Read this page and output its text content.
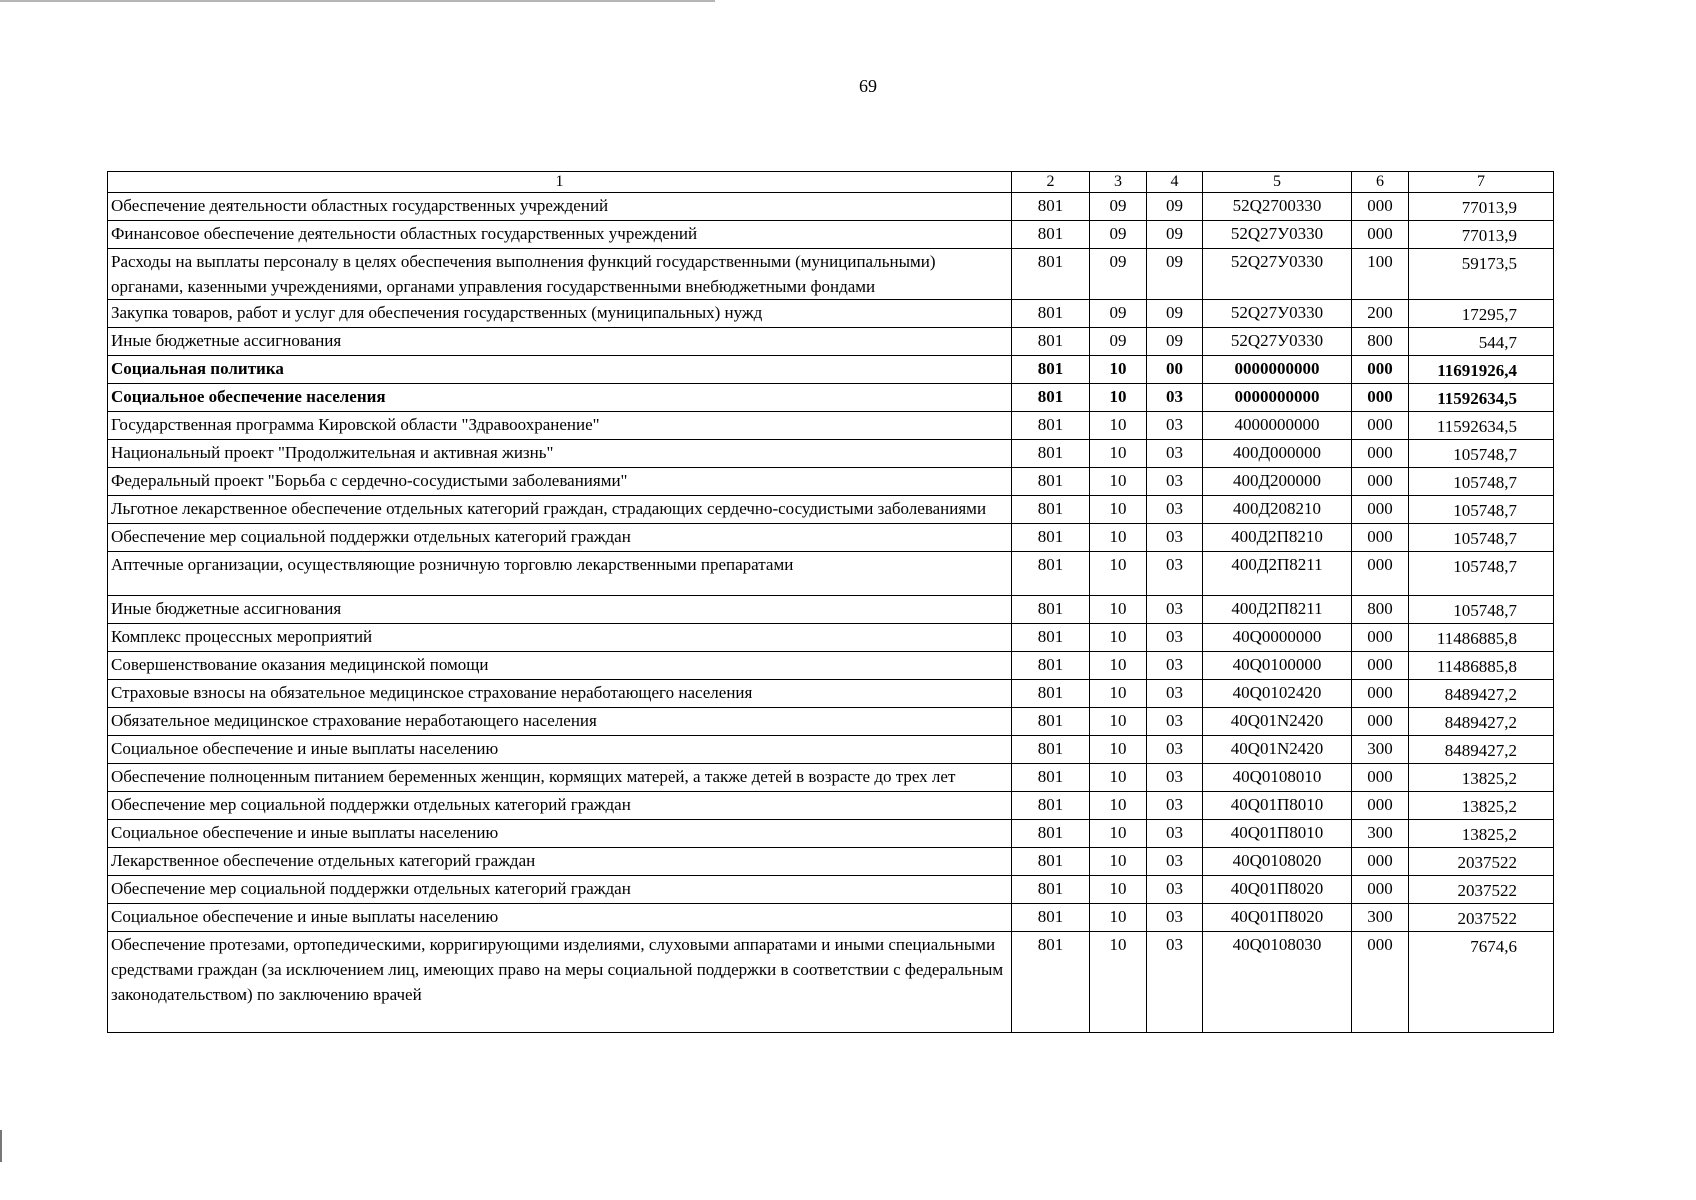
69
1	2	3	4	5	6	7
Обеспечение деятельности областных государственных учреждений	801	09	09	52Q2700330	000	77013,9
Финансовое обеспечение деятельности областных государственных учреждений	801	09	09	52Q27У0330	000	77013,9
Расходы на выплаты персоналу в целях обеспечения выполнения функций государственными (муниципальными) органами, казенными учреждениями, органами управления государственными внебюджетными фондами	801	09	09	52Q27У0330	100	59173,5
Закупка товаров, работ и услуг для обеспечения государственных (муниципальных) нужд	801	09	09	52Q27У0330	200	17295,7
Иные бюджетные ассигнования	801	09	09	52Q27У0330	800	544,7
Социальная политика	801	10	00	0000000000	000	11691926,4
Социальное обеспечение населения	801	10	03	0000000000	000	11592634,5
Государственная программа Кировской области "Здравоохранение"	801	10	03	4000000000	000	11592634,5
Национальный проект "Продолжительная и активная жизнь"	801	10	03	400Д000000	000	105748,7
Федеральный проект "Борьба с сердечно-сосудистыми заболеваниями"	801	10	03	400Д200000	000	105748,7
Льготное лекарственное обеспечение отдельных категорий граждан, страдающих сердечно-сосудистыми заболеваниями	801	10	03	400Д208210	000	105748,7
Обеспечение мер социальной поддержки отдельных категорий граждан	801	10	03	400Д2П8210	000	105748,7
Аптечные организации, осуществляющие розничную торговлю лекарственными препаратами	801	10	03	400Д2П8211	000	105748,7
Иные бюджетные ассигнования	801	10	03	400Д2П8211	800	105748,7
Комплекс процессных мероприятий	801	10	03	40Q0000000	000	11486885,8
Совершенствование оказания медицинской помощи	801	10	03	40Q0100000	000	11486885,8
Страховые взносы на обязательное медицинское страхование неработающего населения	801	10	03	40Q0102420	000	8489427,2
Обязательное медицинское страхование неработающего населения	801	10	03	40Q01N2420	000	8489427,2
Социальное обеспечение и иные выплаты населению	801	10	03	40Q01N2420	300	8489427,2
Обеспечение полноценным питанием беременных женщин, кормящих матерей, а также детей в возрасте до трех лет	801	10	03	40Q0108010	000	13825,2
Обеспечение мер социальной поддержки отдельных категорий граждан	801	10	03	40Q01П8010	000	13825,2
Социальное обеспечение и иные выплаты населению	801	10	03	40Q01П8010	300	13825,2
Лекарственное обеспечение отдельных категорий граждан	801	10	03	40Q0108020	000	2037522
Обеспечение мер социальной поддержки отдельных категорий граждан	801	10	03	40Q01П8020	000	2037522
Социальное обеспечение и иные выплаты населению	801	10	03	40Q01П8020	300	2037522
Обеспечение протезами, ортопедическими, корригирующими изделиями, слуховыми аппаратами и иными специальными средствами граждан (за исключением лиц, имеющих право на меры социальной поддержки в соответствии с федеральным законодательством) по заключению врачей	801	10	03	40Q0108030	000	7674,6
